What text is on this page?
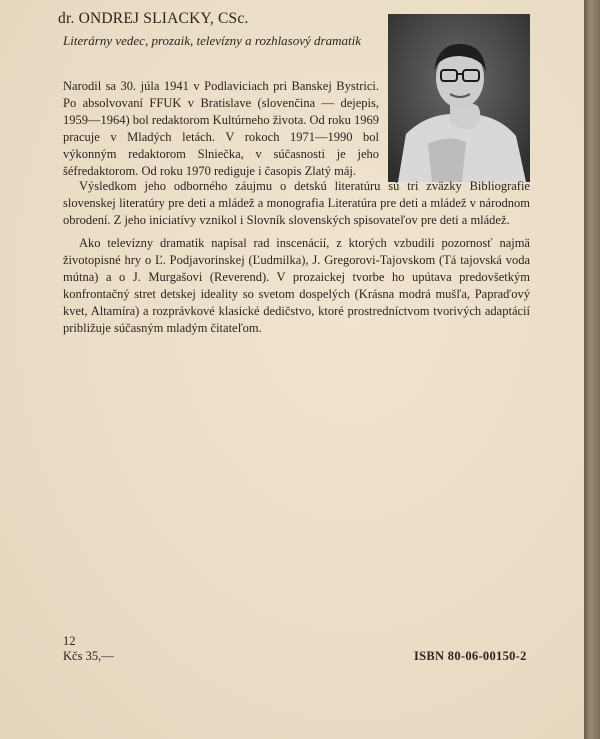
dr. ONDREJ SLIACKY, CSc.
Literárny vedec, prozaik, televízny a rozhlasový dramatik

Narodil sa 30. júla 1941 v Podlaviciach pri Banskej Bystrici. Po absolvovaní FFUK v Bratislave (slovenčina — dejepis, 1959—1964) bol redaktorom Kultúrneho života. Od roku 1969 pracuje v Mladých letách. V rokoch 1971—1990 bol výkonným redaktorom Slniečka, v súčasnosti je jeho šéfredaktorom. Od roku 1970 rediguje i časopis Zlatý máj.

Výsledkom jeho odborného záujmu o detskú literatúru sú tri zväzky Bibliografie slovenskej literatúry pre deti a mládež a monografia Literatúra pre deti a mládež v národnom obrodení. Z jeho iniciatívy vznikol i Slovník slovenských spisovateľov pre deti a mládež.

Ako televízny dramatik napísal rad inscenácií, z ktorých vzbudili pozornosť najmä životopisné hry o Ľ. Podjavorinskej (Ľudmilka), J. Gregorovi-Tajovskom (Tá tajovská voda mútna) a o J. Murgašovi (Reverend). V prozaickej tvorbe ho upútava predovšetkým konfrontačný stret detskej ideality so svetom dospelých (Krásna modrá mušľa, Papraďový kvet, Altamíra) a rozprávkové klasické dedičstvo, ktoré prostredníctvom tvorivých adaptácií približuje súčasným mladým čitateľom.

12
Kčs 35,—	ISBN 80-06-00150-2
